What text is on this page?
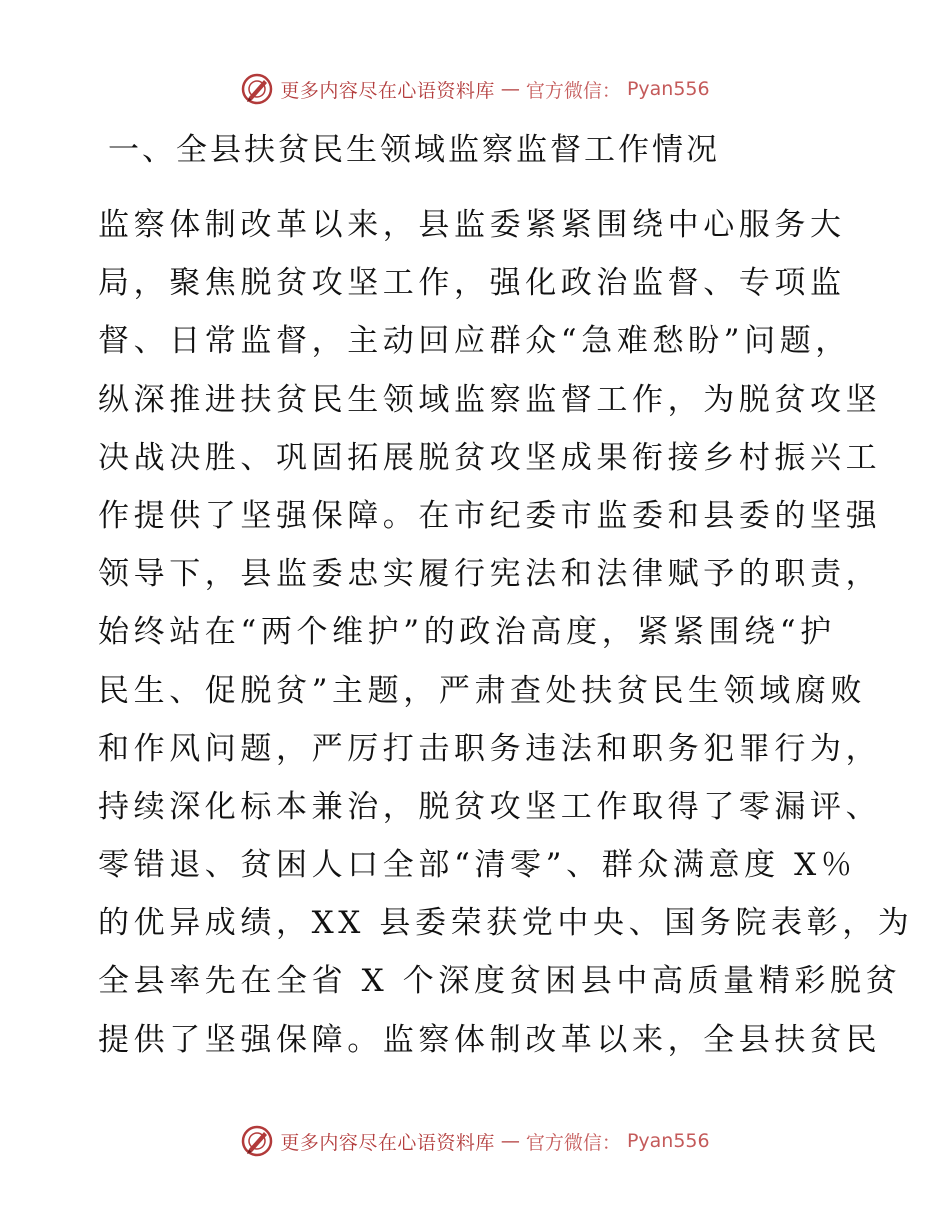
更多内容尽在心语资料库 — 官方微信： Pyan556
一、全县扶贫民生领域监察监督工作情况
监察体制改革以来，县监委紧紧围绕中心服务大
局，聚焦脱贫攻坚工作，强化政治监督、专项监
督、日常监督，主动回应群众“急难愁盼”问题，
纵深推进扶贫民生领域监察监督工作，为脱贫攻坚
决战决胜、巩固拓展脱贫攻坚成果衔接乡村振兴工
作提供了坚强保障。在市纪委市监委和县委的坚强
领导下，县监委忠实履行宪法和法律赋予的职责，
始终站在“两个维护”的政治高度，紧紧围绕“护
民生、促脱贫”主题，严肃查处扶贫民生领域腐败
和作风问题，严厉打击职务违法和职务犯罪行为，
持续深化标本兼治，脱贫攻坚工作取得了零漏评、
零错退、贫困人口全部“清零”、群众满意度 X％
的优异成绩，XX 县委荣获党中央、国务院表彰，为
全县率先在全省 X 个深度贫困县中高质量精彩脱贫
提供了坚强保障。监察体制改革以来，全县扶贫民
更多内容尽在心语资料库 — 官方微信： Pyan556
